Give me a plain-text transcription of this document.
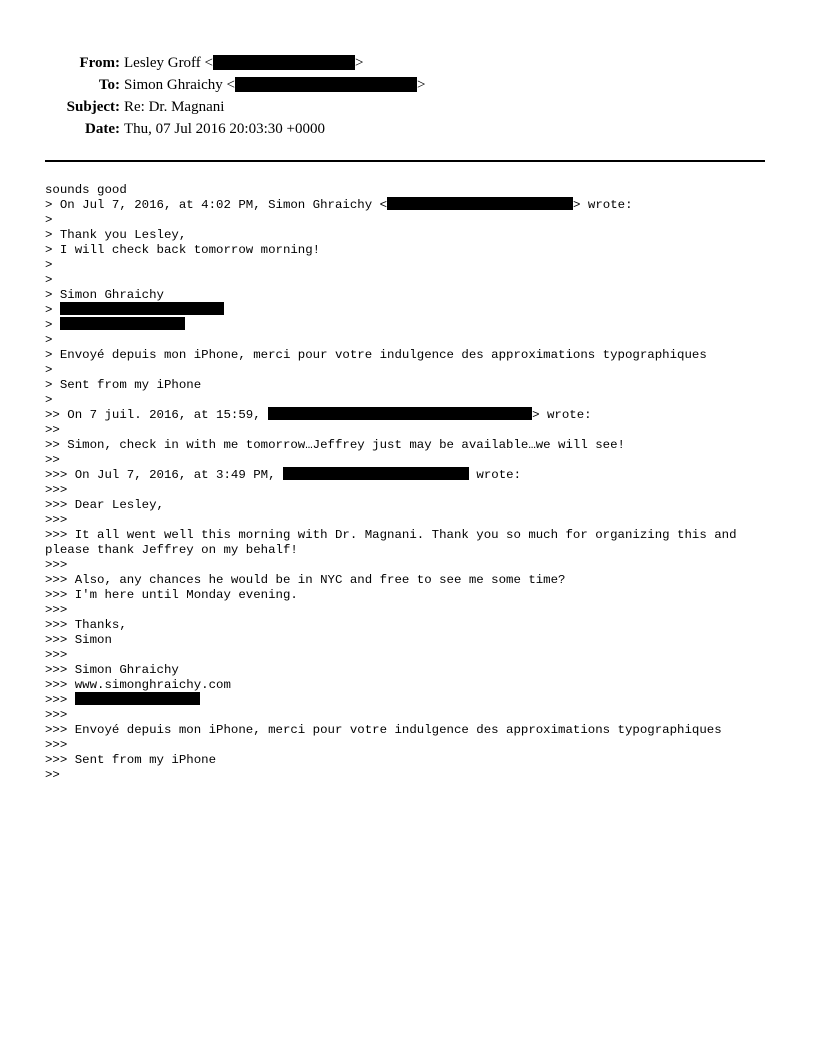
From: Lesley Groff <	>
To: Simon Ghraichy <	>
Subject: Re: Dr. Magnani
Date: Thu, 07 Jul 2016 20:03:30 +0000
sounds good
> On Jul 7, 2016, at 4:02 PM, Simon Ghraichy <	> wrote:
>
> Thank you Lesley,
> I will check back tomorrow morning!
>
>
> Simon Ghraichy
>
>
>
> Envoyé depuis mon iPhone, merci pour votre indulgence des approximations typographiques
>
> Sent from my iPhone
>
>> On 7 juil. 2016, at 15:59,	> wrote:
>>
>> Simon, check in with me tomorrow…Jeffrey just may be available…we will see!
>>
>>> On Jul 7, 2016, at 3:49 PM,	wrote:
>>>
>>> Dear Lesley,
>>>
>>> It all went well this morning with Dr. Magnani. Thank you so much for organizing this and please thank Jeffrey on my behalf!
>>>
>>> Also, any chances he would be in NYC and free to see me some time?
>>> I'm here until Monday evening.
>>>
>>> Thanks,
>>> Simon
>>>
>>> Simon Ghraichy
>>> www.simonghraichy.com
>>>
>>>
>>> Envoyé depuis mon iPhone, merci pour votre indulgence des approximations typographiques
>>>
>>> Sent from my iPhone
>>
